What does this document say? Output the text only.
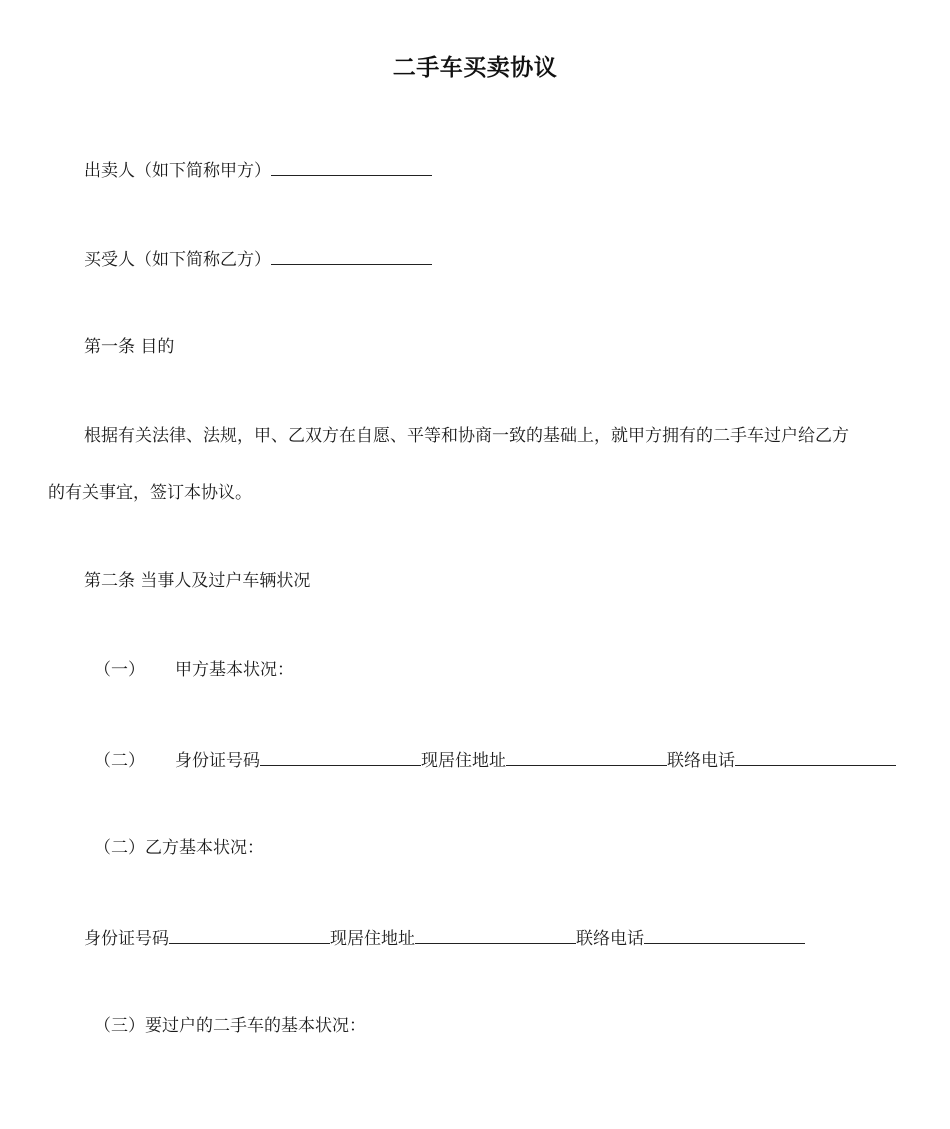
二手车买卖协议
出卖人（如下简称甲方）
买受人（如下简称乙方）
第一条 目的
根据有关法律、法规，甲、乙双方在自愿、平等和协商一致的基础上，就甲方拥有的二手车过户给乙方
的有关事宜，签订本协议。
第二条 当事人及过户车辆状况
（一） 甲方基本状况：
（二） 身份证号码	现居住地址	联络电话
（二）乙方基本状况：
身份证号码	现居住地址	联络电话
（三）要过户的二手车的基本状况：
